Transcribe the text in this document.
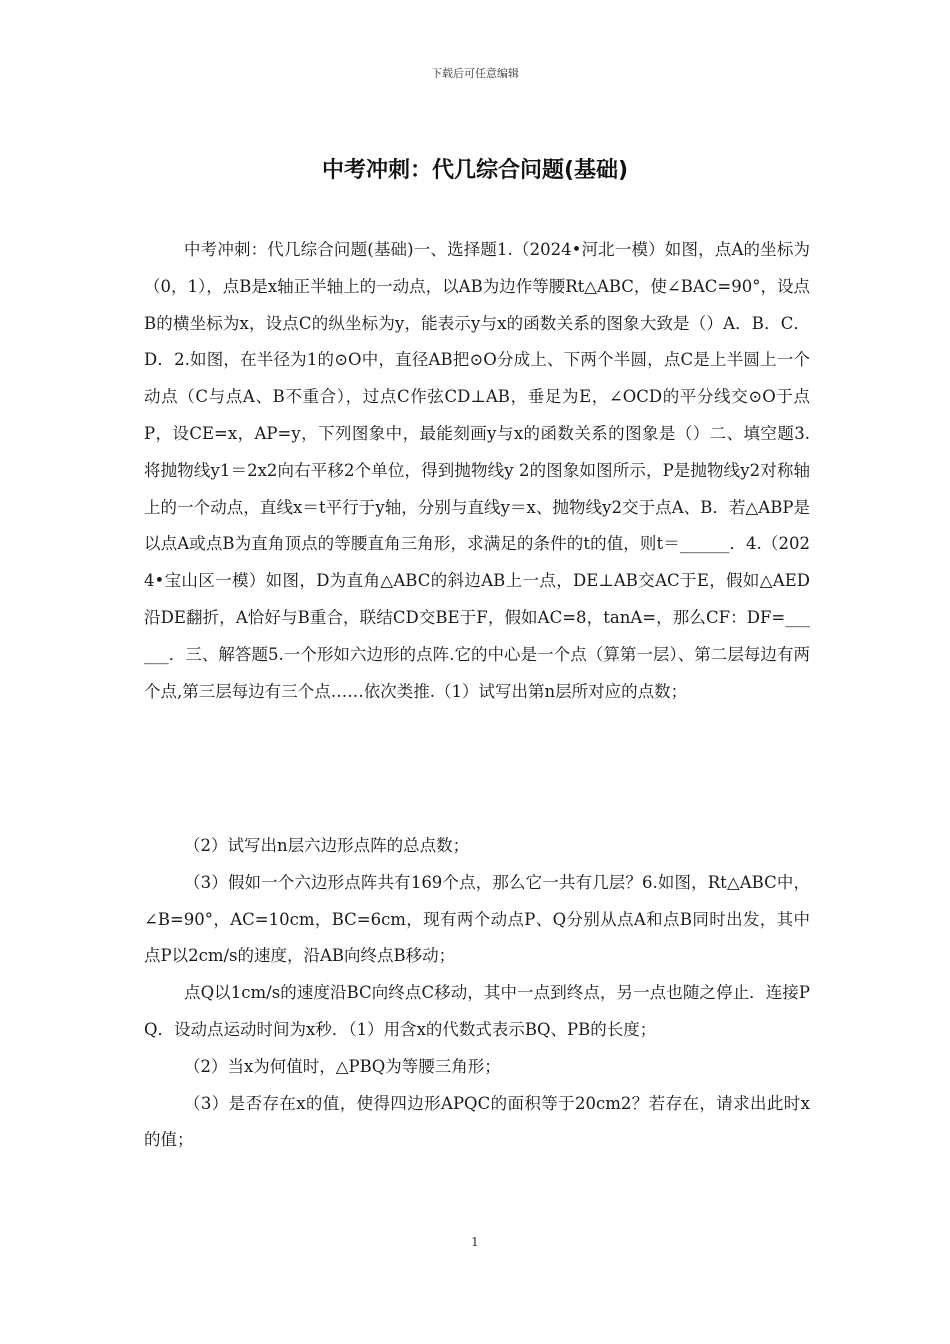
下载后可任意编辑
中考冲刺：代几综合问题(基础)

中考冲刺：代几综合问题(基础)一、选择题1.（2024•河北一模）如图，点A的坐标为（0，1），点B是x轴正半轴上的一动点，以AB为边作等腰Rt△ABC，使∠BAC=90°，设点B的横坐标为x，设点C的纵坐标为y，能表示y与x的函数关系的图象大致是（）A．B．C．D．2.如图，在半径为1的⊙O中，直径AB把⊙O分成上、下两个半圆，点C是上半圆上一个动点（C与点A、B不重合），过点C作弦CD⊥AB，垂足为E，∠OCD的平分线交⊙O于点P，设CE=x，AP=y，下列图象中，最能刻画y与x的函数关系的图象是（）二、填空题3.将抛物线y1＝2x2向右平移2个单位，得到抛物线y 2的图象如图所示，P是抛物线y2对称轴上的一个动点，直线x＝t平行于y轴，分别与直线y＝x、抛物线y2交于点A、B．若△ABP是以点A或点B为直角顶点的等腰直角三角形，求满足的条件的t的值，则t＝______．4.（2024•宝山区一模）如图，D为直角△ABC的斜边AB上一点，DE⊥AB交AC于E，假如△AED沿DE翻折，A恰好与B重合，联结CD交BE于F，假如AC=8，tanA=，那么CF：DF=______．三、解答题5.一个形如六边形的点阵.它的中心是一个点（算第一层）、第二层每边有两个点,第三层每边有三个点……依次类推.（1）试写出第n层所对应的点数；

（2）试写出n层六边形点阵的总点数；

（3）假如一个六边形点阵共有169个点，那么它一共有几层？6.如图，Rt△ABC中，∠B=90°，AC=10cm，BC=6cm，现有两个动点P、Q分别从点A和点B同时出发，其中点P以2cm/s的速度，沿AB向终点B移动；

点Q以1cm/s的速度沿BC向终点C移动，其中一点到终点，另一点也随之停止．连接PQ．设动点运动时间为x秒．（1）用含x的代数式表示BQ、PB的长度；

（2）当x为何值时，△PBQ为等腰三角形；

（3）是否存在x的值，使得四边形APQC的面积等于20cm2？若存在，请求出此时x的值；

1
